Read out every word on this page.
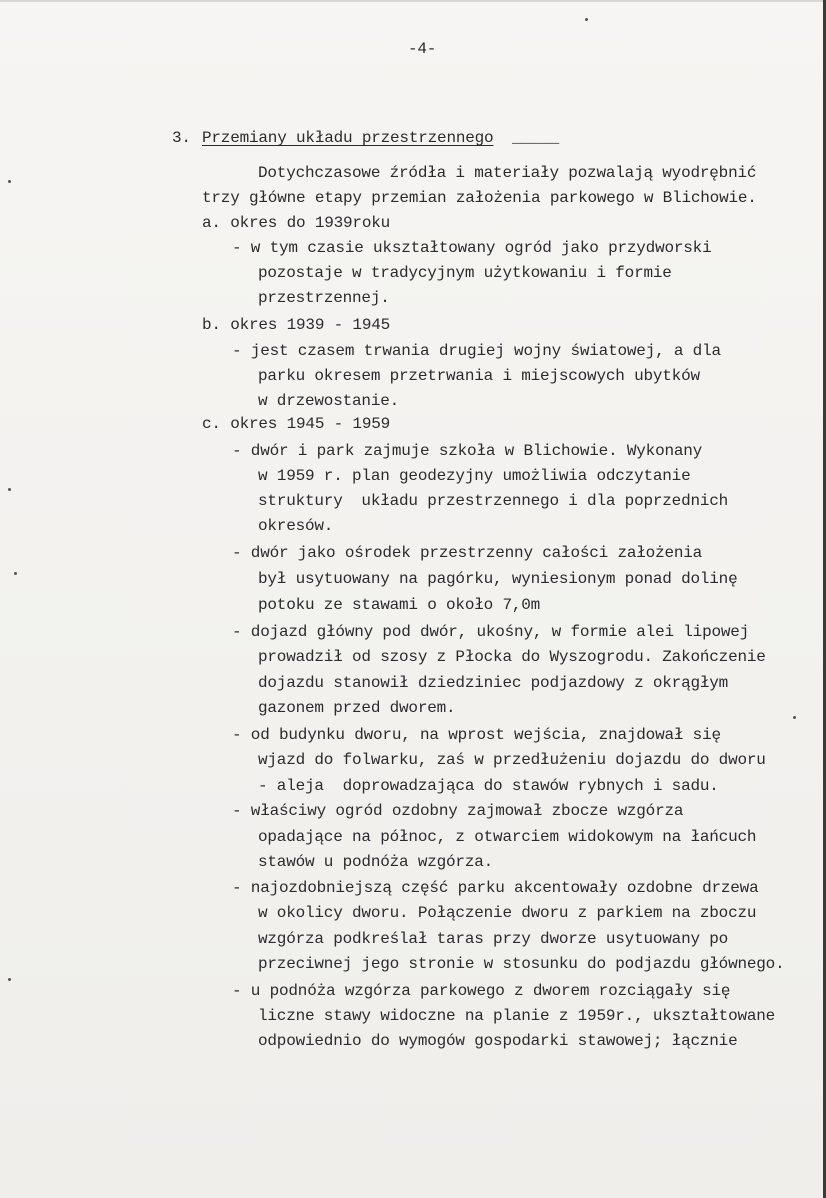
-4-
3. Przemiany układu przestrzennego _____
Dotychczasowe źródła i materiały pozwalają wyodrębnić
trzy główne etapy przemian założenia parkowego w Blichowie.
a. okres do 1939roku
- w tym czasie ukształtowany ogród jako przydworski
pozostaje w tradycyjnym użytkowaniu i formie
przestrzennej.
b. okres 1939 - 1945
- jest czasem trwania drugiej wojny światowej, a dla
parku okresem przetrwania i miejscowych ubytków
w drzewostanie.
c. okres 1945 - 1959
- dwór i park zajmuje szkoła w Blichowie. Wykonany
w 1959 r. plan geodezyjny umożliwia odczytanie
struktury  układu przestrzennego i dla poprzednich
okresów.
- dwór jako ośrodek przestrzenny całości założenia
był usytuowany na pagórku, wyniesionym ponad dolinę
potoku ze stawami o około 7,0m
- dojazd główny pod dwór, ukośny, w formie alei lipowej
prowadził od szosy z Płocka do Wyszogrodu. Zakończenie
dojazdu stanowił dziedziniec podjazdowy z okrągłym
gazonem przed dworem.
- od budynku dworu, na wprost wejścia, znajdował się
wjazd do folwarku, zaś w przedłużeniu dojazdu do dworu
- aleja  doprowadzająca do stawów rybnych i sadu.
- właściwy ogród ozdobny zajmował zbocze wzgórza
opadające na północ, z otwarciem widokowym na łańcuch
stawów u podnóża wzgórza.
- najozdobniejszą część parku akcentowały ozdobne drzewa
w okolicy dworu. Połączenie dworu z parkiem na zboczu
wzgórza podkreślał taras przy dworze usytuowany po
przeciwnej jego stronie w stosunku do podjazdu głównego.
- u podnóża wzgórza parkowego z dworem rozciągały się
liczne stawy widoczne na planie z 1959r., ukształtowane
odpowiednio do wymogów gospodarki stawowej; łącznie
